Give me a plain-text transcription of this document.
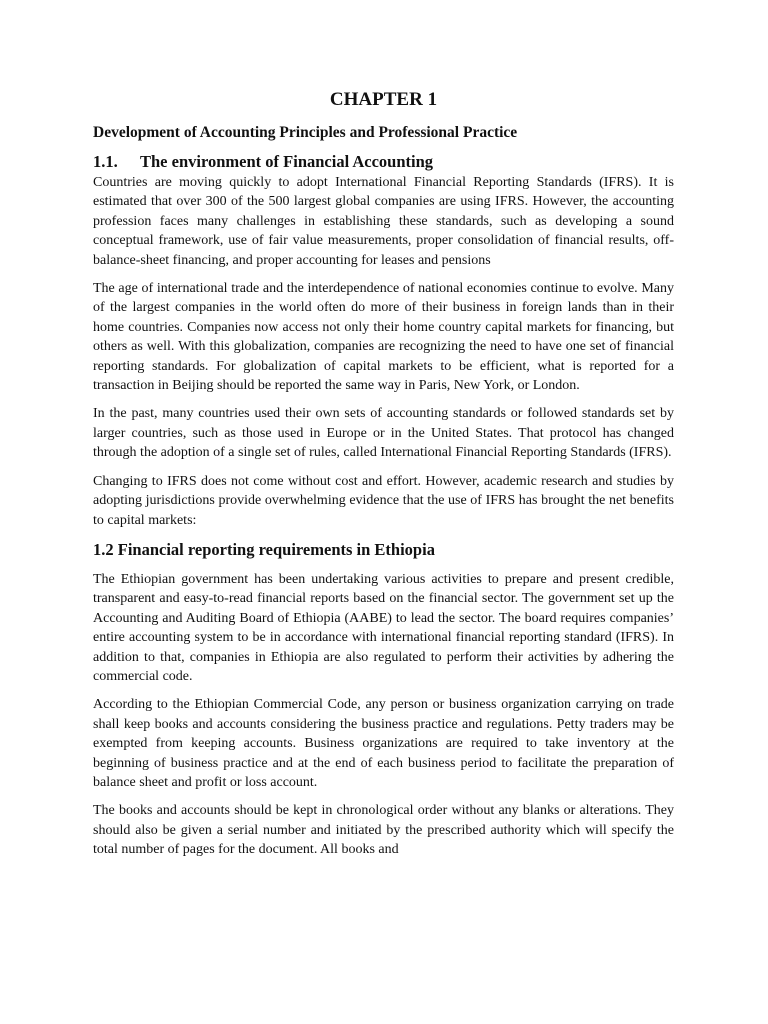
CHAPTER 1
Development of Accounting Principles and Professional Practice
1.1. The environment of Financial Accounting

Countries are moving quickly to adopt International Financial Reporting Standards (IFRS). It is estimated that over 300 of the 500 largest global companies are using IFRS. However, the accounting profession faces many challenges in establishing these standards, such as developing a sound conceptual framework, use of fair value measurements, proper consolidation of financial results, off-balance-sheet financing, and proper accounting for leases and pensions

The age of international trade and the interdependence of national economies continue to evolve. Many of the largest companies in the world often do more of their business in foreign lands than in their home countries. Companies now access not only their home country capital markets for financing, but others as well. With this globalization, companies are recognizing the need to have one set of financial reporting standards. For globalization of capital markets to be efficient, what is reported for a transaction in Beijing should be reported the same way in Paris, New York, or London.

In the past, many countries used their own sets of accounting standards or followed standards set by larger countries, such as those used in Europe or in the United States. That protocol has changed through the adoption of a single set of rules, called International Financial Reporting Standards (IFRS).

Changing to IFRS does not come without cost and effort. However, academic research and studies by adopting jurisdictions provide overwhelming evidence that the use of IFRS has brought the net benefits to capital markets:

1.2 Financial reporting requirements in Ethiopia

The Ethiopian government has been undertaking various activities to prepare and present credible, transparent and easy-to-read financial reports based on the financial sector. The government set up the Accounting and Auditing Board of Ethiopia (AABE) to lead the sector. The board requires companies’ entire accounting system to be in accordance with international financial reporting standard (IFRS). In addition to that, companies in Ethiopia are also regulated to perform their activities by adhering the commercial code.

According to the Ethiopian Commercial Code, any person or business organization carrying on trade shall keep books and accounts considering the business practice and regulations. Petty traders may be exempted from keeping accounts. Business organizations are required to take inventory at the beginning of business practice and at the end of each business period to facilitate the preparation of balance sheet and profit or loss account.

The books and accounts should be kept in chronological order without any blanks or alterations. They should also be given a serial number and initiated by the prescribed authority which will specify the total number of pages for the document. All books and
